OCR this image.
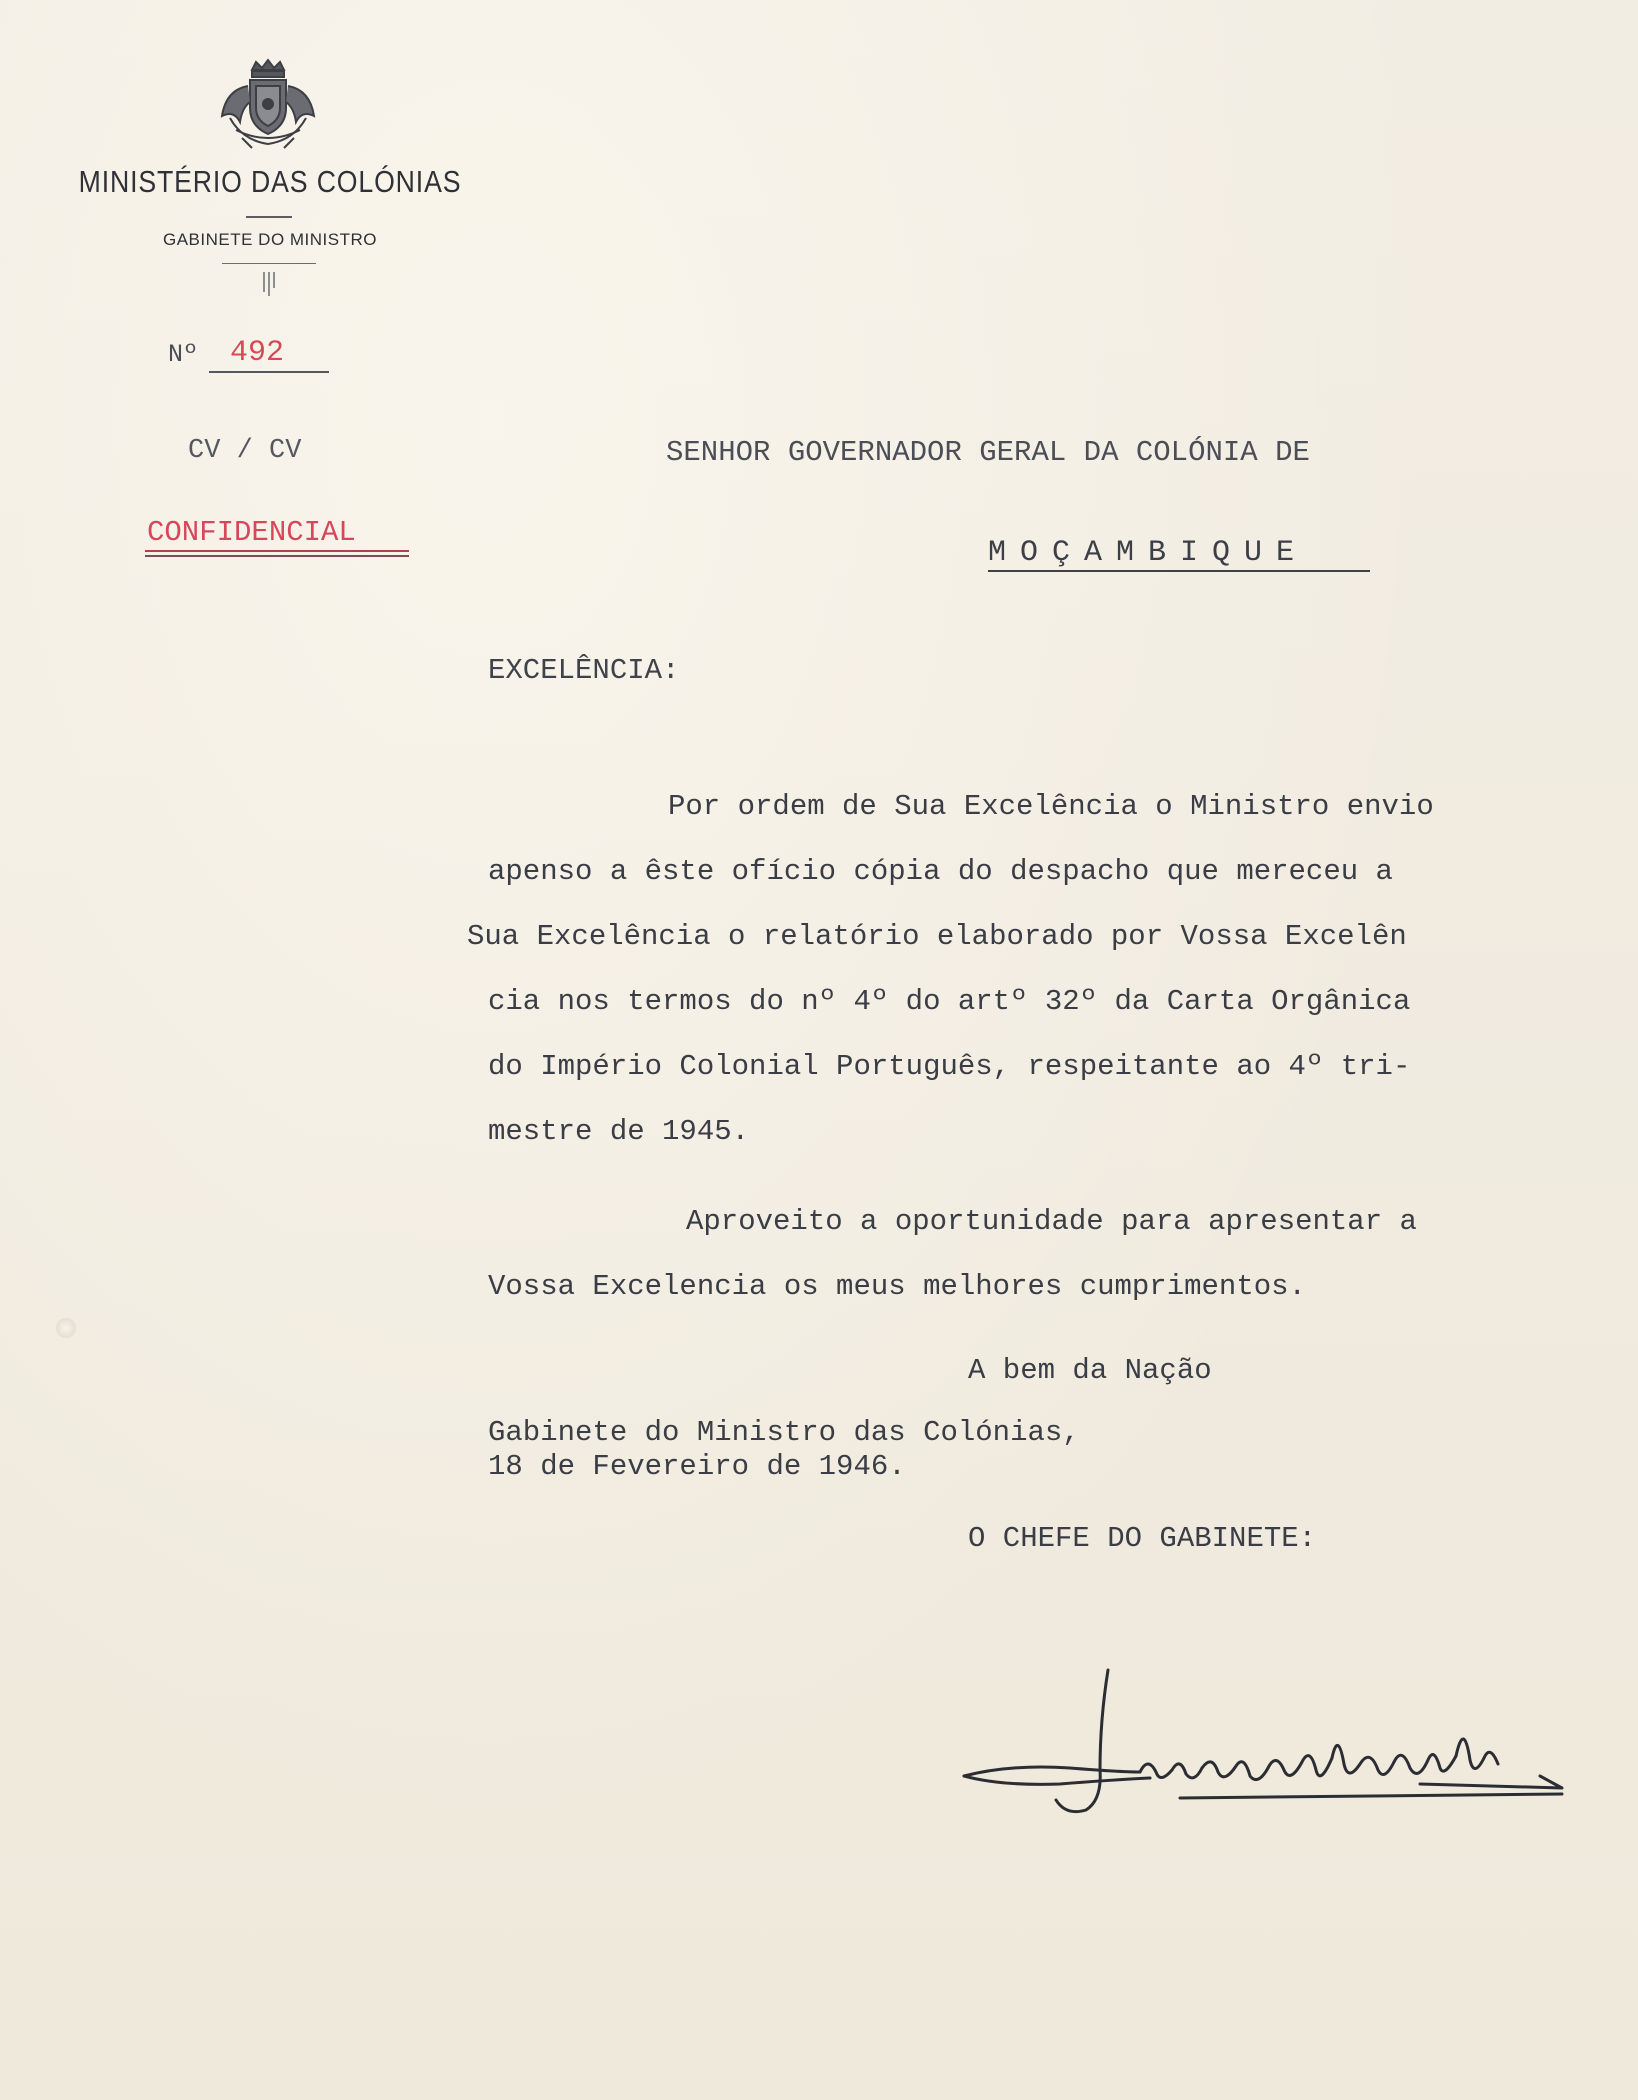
MINISTÉRIO DAS COLÓNIAS
GABINETE DO MINISTRO
Nº 492
CV / CV
CONFIDENCIAL
SENHOR GOVERNADOR GERAL DA COLÓNIA DE
MOÇAMBIQUE
EXCELÊNCIA:
Por ordem de Sua Excelência o Ministro envio
apenso a êste ofício cópia do despacho que mereceu a
Sua Excelência o relatório elaborado por Vossa Excelên
cia nos termos do nº 4º do artº 32º da Carta Orgânica
do Império Colonial Português, respeitante ao 4º tri-
mestre de 1945.
Aproveito a oportunidade para apresentar a
Vossa Excelencia os meus melhores cumprimentos.
A bem da Nação
Gabinete do Ministro das Colónias,
18 de Fevereiro de 1946.
O CHEFE DO GABINETE:
